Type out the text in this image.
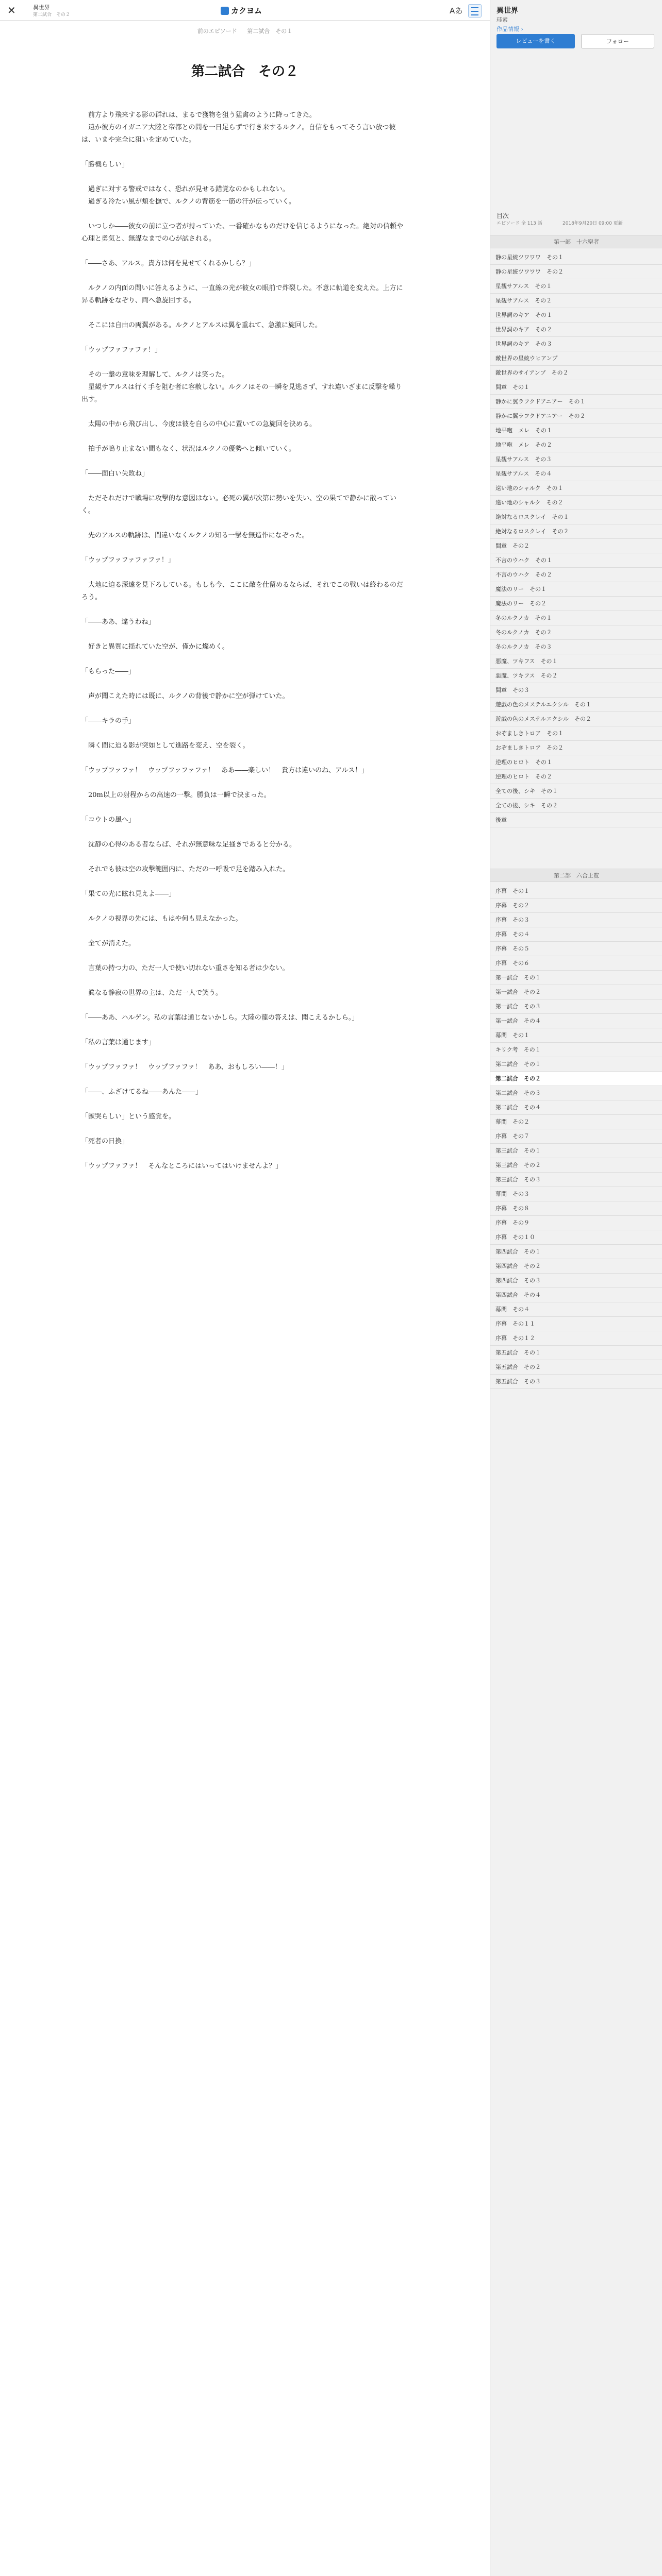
✕	異世界
第二試合　その２	カクヨム	Aあ
前のエピソード 第二試合　その１
第二試合　その２

　前方より飛来する影の群れは、まるで獲物を狙う猛禽のように降ってきた。
　遠か彼方のイガニア大陸と帝都との間を一日足らずで行き来するルクノ。自信をもってそう言い放つ彼は、いまや完全に狙いを定めていた。

「勝機らしい」

　過ぎに対する警戒ではなく、恐れが見せる錯覚なのかもしれない。
　過ぎる冷たい風が頬を撫で、ルクノの背筋を一筋の汗が伝っていく。

　いつしか――彼女の前に立つ者が持っていた、一番確かなものだけを信じるようになった。絶対の信頼や心理と勇気と、無謀なまでの心が試される。

「――さあ、アルス。貴方は何を見せてくれるかしら？」

　ルクノの内面の問いに答えるように、一直線の光が彼女の眼前で炸裂した。不意に軌道を変えた。上方に昇る軌跡をなぞり、両へ急旋回する。

　そこには自由の両翼がある。ルクノとアルスは翼を重ねて、急激に旋回した。

「ウップファファファ！」

　その一撃の意味を理解して、ルクノは笑った。
　星観サアルスは行く手を阻む者に容赦しない。ルクノはその一瞬を見逃さず、すれ違いざまに反撃を繰り出す。

　太陽の中から飛び出し、今度は彼を自らの中心に置いての急旋回を決める。

　拍手が鳴り止まない間もなく、状況はルクノの優勢へと傾いていく。

「――面白い失敗ね」

　ただそれだけで戦場に攻撃的な意図はない。必死の翼が次第に勢いを失い、空の果てで静かに散っていく。

　先のアルスの軌跡は、間違いなくルクノの知る一撃を無造作になぞった。

「ウップファファファファ！」

　大地に迫る深遠を見下ろしている。もしも今、ここに敵を仕留めるならば、それでこの戦いは終わるのだろう。

「――ああ、違うわね」

　好きと異質に揺れていた空が、僅かに燦めく。

「もらった――」

　声が聞こえた時には既に、ルクノの背後で静かに空が弾けていた。

「――キラの手」

　瞬く間に迫る影が突如として進路を変え、空を裂く。

「ウップファファ！　ウップファファファ！　ああ――楽しい！　貴方は違いのね、アルス！」

　20m以上の射程からの高速の一撃。勝負は一瞬で決まった。

「コウトの風へ」

　沈静の心得のある者ならば、それが無意味な足掻きであると分かる。

　それでも彼は空の攻撃範囲内に、ただの一呼吸で足を踏み入れた。

「果ての光に眩れ見えよ――」

　ルクノの視界の先には、もはや何も見えなかった。

　全てが消えた。

　言葉の持つ力の、ただ一人で使い切れない重さを知る者は少ない。

　眞なる静寂の世界の主は、ただ一人で笑う。

「――ああ、ハルゲン。私の言葉は通じないかしら。大陸の龍の答えは、聞こえるかしら。」

「私の言葉は通じます」

「ウップファファ！　ウップファファ！　ああ、おもしろい――！」

「――、ふざけてるね――あんた――」

「獣哭らしい」という感覚を。

「死者の日換」

「ウップファファ！　そんなところにはいってはいけませんよ？」

異世界
珪素
作品情報 ›
レビューを書く	フォロー
目次
エピソード 全 113 話	2018年9月20日 09:00 更新
第一部　十六聖者
静の星統ツワワワ　その１
静の星統ツワワワ　その２
星観サアルス　その１
星観サアルス　その２
世界詞のキア　その１
世界詞のキア　その２
世界詞のキア　その３
敵世界の星統ウヒアンプ
敵世界のサイアンプ　その２
間章　その１
静かに翼ラフクドアニアー　その１
静かに翼ラフクドアニアー　その２
地平咆　メレ　その１
地平咆　メレ　その２
星観サアルス　その３
星観サアルス　その４
遠い地のシャルク　その１
遠い地のシャルク　その２
絶対なるロスクレイ　その１
絶対なるロスクレイ　その２
間章　その２
不言のウハク　その１
不言のウハク　その２
魔法のリー　その１
魔法のリー　その２
冬のルクノカ　その１
冬のルクノカ　その２
冬のルクノカ　その３
悪魔、ツキフス　その１
悪魔、ツキフス　その２
間章　その３
遊戯の色のメステルエクシル　その１
遊戯の色のメステルエクシル　その２
おぞましきトロア　その１
おぞましきトロア　その２
逆理のヒロト　その１
逆理のヒロト　その２
全ての後、シキ　その１
全ての後、シキ　その２
後章
第二部　六合上覧
序幕　その１
序幕　その２
序幕　その３
序幕　その４
序幕　その５
序幕　その６
第一試合　その１
第一試合　その２
第一試合　その３
第一試合　その４
幕間　その１
キリク考　その１
第二試合　その１
第二試合　その２
第二試合　その３
第二試合　その４
幕間　その２
序幕　その７
第三試合　その１
第三試合　その２
第三試合　その３
幕間　その３
序幕　その８
序幕　その９
序幕　その１０
第四試合　その１
第四試合　その２
第四試合　その３
第四試合　その４
幕間　その４
序幕　その１１
序幕　その１２
第五試合　その１
第五試合　その２
第五試合　その３
